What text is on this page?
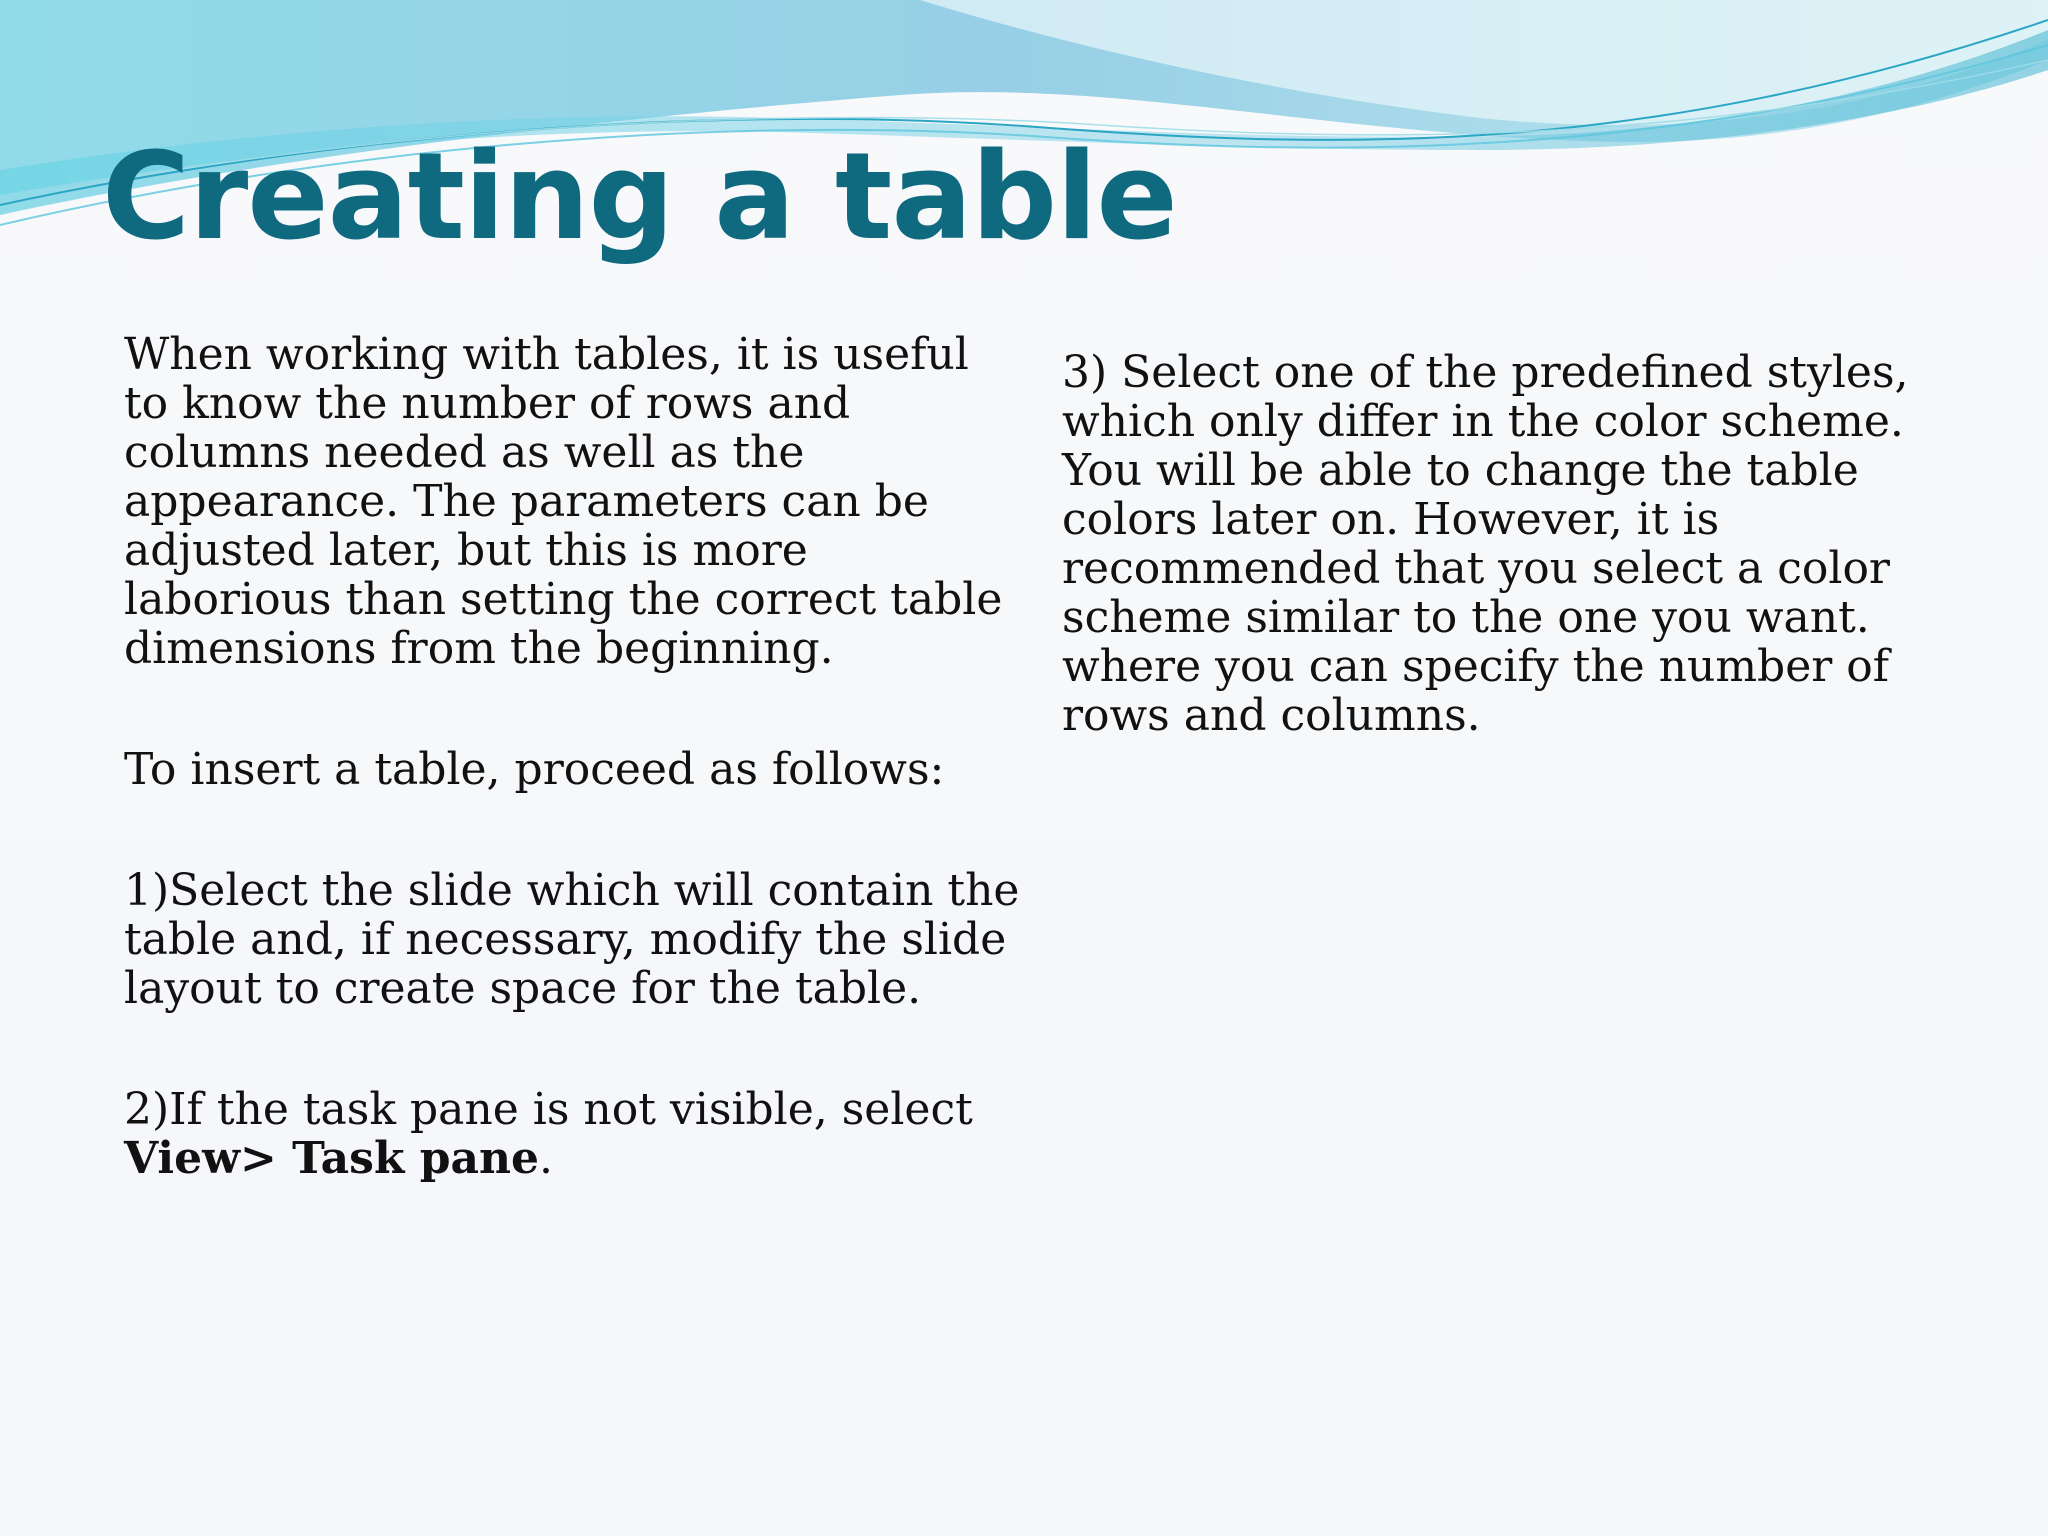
Creating a table

When working with tables, it is useful to know the number of rows and columns needed as well as the appearance. The parameters can be adjusted later, but this is more laborious than setting the correct table dimensions from the beginning.

To insert a table, proceed as follows:

1)Select the slide which will contain the table and, if necessary, modify the slide layout to create space for the table.

2)If the task pane is not visible, select
View> Task pane.

3) Select one of the predefined styles, which only differ in the color scheme. You will be able to change the table colors later on. However, it is recommended that you select a color scheme similar to the one you want. where you can specify the number of rows and columns.
